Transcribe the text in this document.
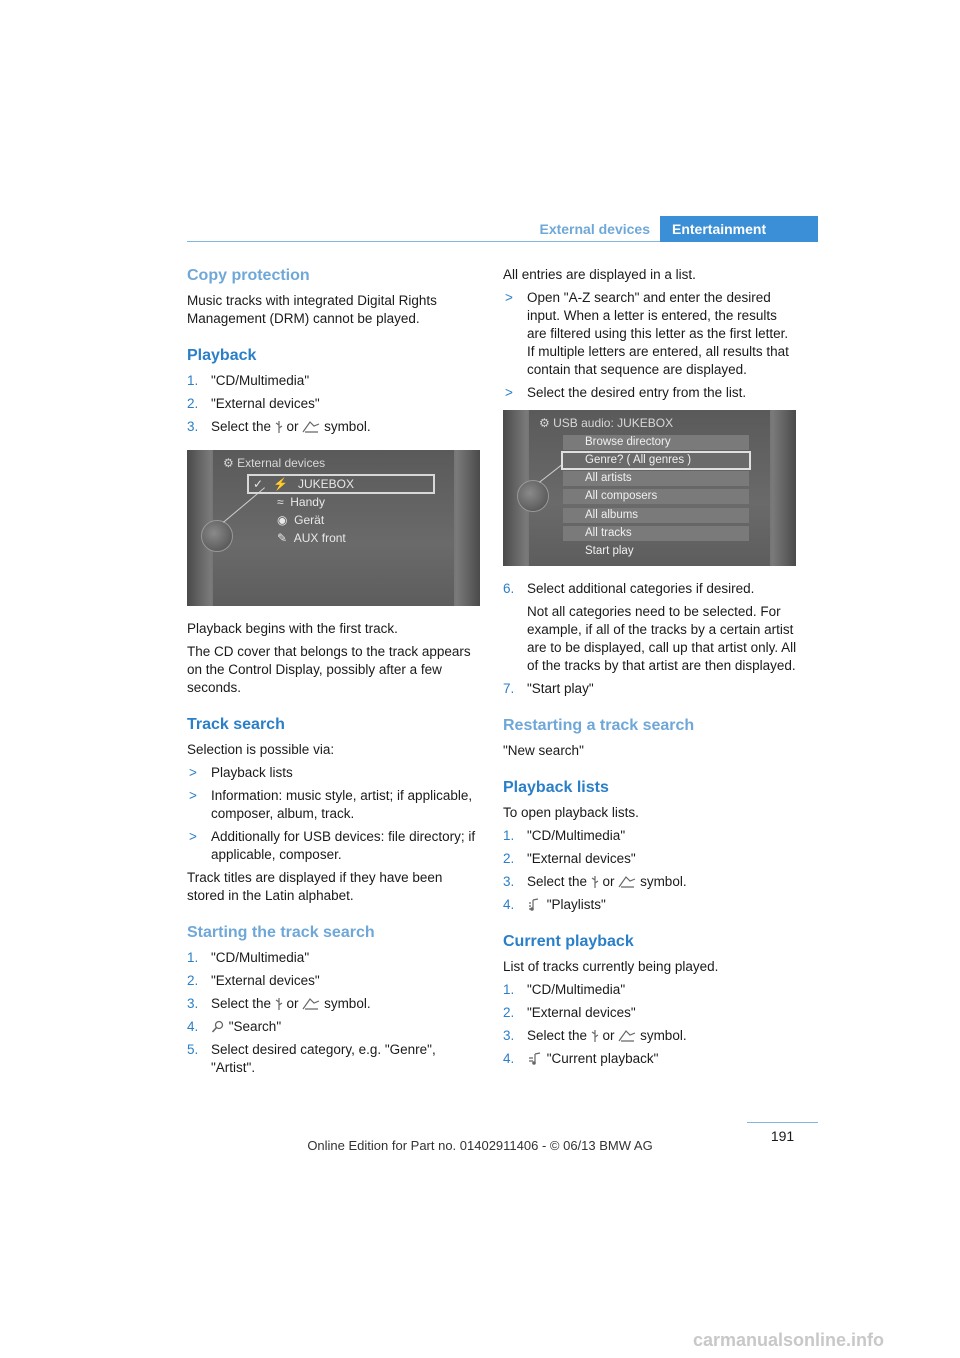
External devices	Entertainment
Copy protection

Music tracks with integrated Digital Rights Management (DRM) cannot be played.

Playback
1. "CD/Multimedia"
2. "External devices"
3. Select the  or  symbol.
⚙ External devices
✓   ⚡   JUKEBOX
≈  Handy
◉  Gerät
✎  AUX front

Playback begins with the first track.

The CD cover that belongs to the track appears on the Control Display, possibly after a few seconds.

Track search

Selection is possible via:

> Playback lists
> Information: music style, artist; if applicable, composer, album, track.
> Additionally for USB devices: file directory; if applicable, composer.

Track titles are displayed if they have been stored in the Latin alphabet.

Starting the track search
1. "CD/Multimedia"
2. "External devices"
3. Select the  or  symbol.
4. "Search"
5. Select desired category, e.g. "Genre", "Artist".

All entries are displayed in a list.

> Open "A-Z search" and enter the desired input. When a letter is entered, the results are filtered using this letter as the first letter. If multiple letters are entered, all results that contain that sequence are displayed.
> Select the desired entry from the list.
⚙ USB audio: JUKEBOX
Browse directory
Genre? ( All genres )
All artists
All composers
All albums
All tracks
Start play
6. Select additional categories if desired.
Not all categories need to be selected. For example, if all of the tracks by a certain artist are to be displayed, call up that artist only. All of the tracks by that artist are then displayed.
7. "Start play"
Restarting a track search

"New search"

Playback lists

To open playback lists.

1. "CD/Multimedia"
2. "External devices"
3. Select the  or  symbol.
4. "Playlists"
Current playback

List of tracks currently being played.

1. "CD/Multimedia"
2. "External devices"
3. Select the  or  symbol.
4. "Current playback"
191
Online Edition for Part no. 01402911406 - © 06/13 BMW AG
carmanualsonline.info
